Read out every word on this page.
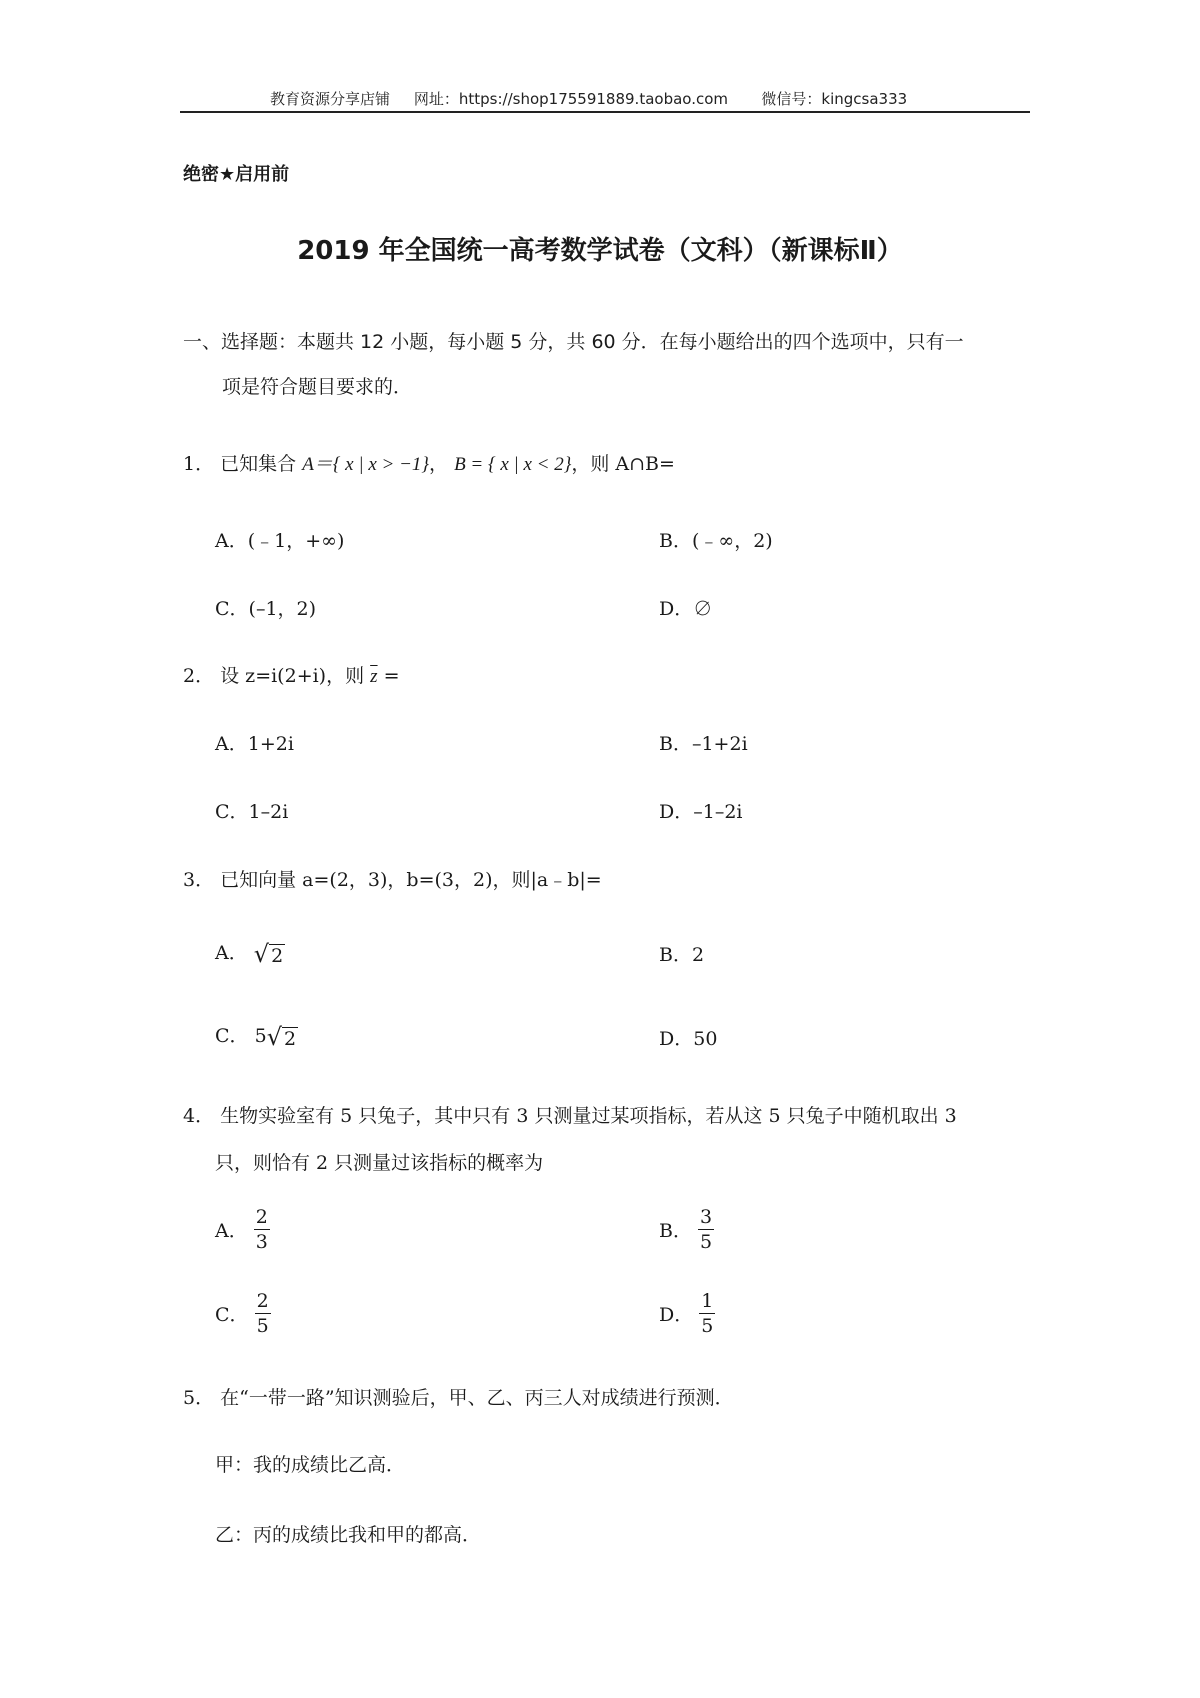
教育资源分享店铺 网址：https://shop175591889.taobao.com 微信号：kingcsa333
绝密★启用前
2019 年全国统一高考数学试卷（文科）（新课标Ⅱ）
一、选择题：本题共 12 小题，每小题 5 分，共 60 分．在每小题给出的四个选项中，只有一
项是符合题目要求的．
1． 已知集合 A＝{ x | x > −1}， B = { x | x < 2}，则 A∩B=
A．(﹣1，+∞)	B．(﹣∞，2)
C．(–1，2)	D．∅
2． 设 z=i(2+i)，则 $\overline{z}$ =
A．1+2i	B．–1+2i
C．1–2i	D．–1–2i
3． 已知向量 a=(2，3)，b=(3，2)，则|a﹣b|=
A． √ 2	B．2
C． 5√ 2	D．50
4． 生物实验室有 5 只兔子，其中只有 3 只测量过某项指标，若从这 5 只兔子中随机取出 3
只，则恰有 2 只测量过该指标的概率为
A． $\frac{2}{3}$	B． $\frac{3}{5}$
C． $\frac{2}{5}$	D． $\frac{1}{5}$
5． 在“一带一路”知识测验后，甲、乙、丙三人对成绩进行预测．
甲：我的成绩比乙高．
乙：丙的成绩比我和甲的都高．
